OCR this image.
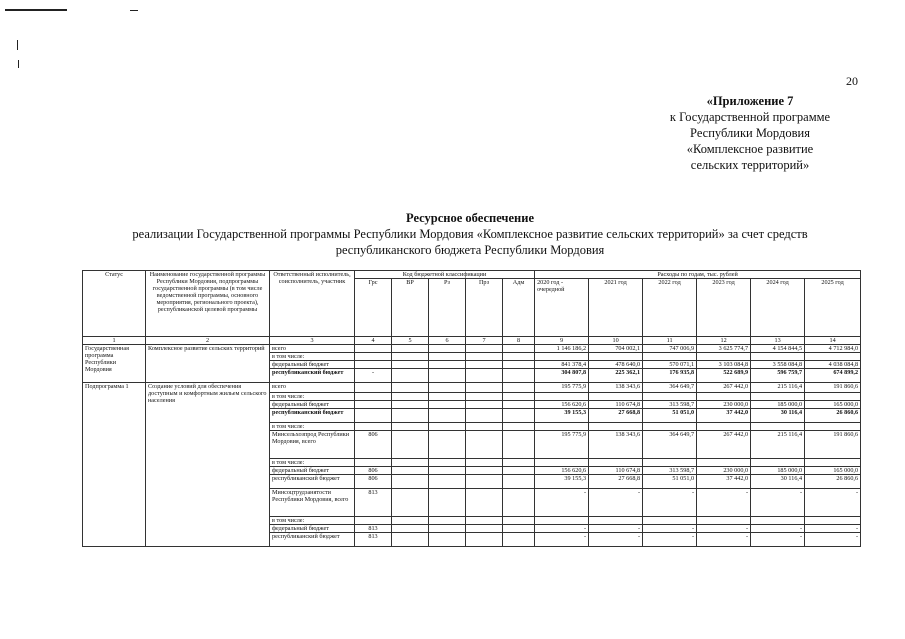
20
«Приложение 7
к Государственной программе
Республики Мордовия
«Комплексное развитие
сельских территорий»
Ресурсное обеспечение
реализации Государственной программы Республики Мордовия «Комплексное развитие сельских территорий» за счет средств
республиканского бюджета Республики Мордовия
Статус	Наименование государственной программы Республики Мордовия, подпрограммы государственной программы (в том числе ведомственной программы, основного мероприятия, регионального проекта), республиканской целевой программы	Ответственный исполнитель, соисполнитель, участник	Код бюджетной классификации					Расходы по годам, тыс. рублей					
			Грс	ВР	Рз	Прз	Адм	2020 год - очередной	2021 год	2022 год	2023 год	2024 год	2025 год
1	2	3	4	5	6	7	8	9	10	11	12	13	14
Государственная программа Республики Мордовия	Комплексное развитие сельских территорий	всего						1 146 186,2	704 002,1	747 006,9	3 625 774,7	4 154 844,5	4 712 984,0
		в том числе:											
		федеральный бюджет						841 378,4	478 640,0	570 071,1	3 103 084,8	3 558 084,8	4 038 084,8
		республиканский бюджет	-					304 807,8	225 362,1	176 935,8	522 689,9	596 759,7	674 899,2
Подпрограмма 1	Создание условий для обеспечения доступным и комфортным жильем сельского населения	всего						195 775,9	138 343,6	364 649,7	267 442,0	215 116,4	191 860,6
		в том числе:											
		федеральный бюджет						156 620,6	110 674,8	313 598,7	230 000,0	185 000,0	165 000,0
		республиканский бюджет						39 155,3	27 668,8	51 051,0	37 442,0	30 116,4	26 860,6
		в том числе:											
		Минсельхозпрод Республики Мордовия, всего	806					195 775,9	138 343,6	364 649,7	267 442,0	215 116,4	191 860,6
		в том числе:											
		федеральный бюджет	806					156 620,6	110 674,8	313 598,7	230 000,0	185 000,0	165 000,0
		республиканский бюджет	806					39 155,3	27 668,8	51 051,0	37 442,0	30 116,4	26 860,6
		Минсоцтрудзанятости Республики Мордовия, всего	813					-	-	-	-	-	-
		в том числе:											
		федеральный бюджет	813					-	-	-	-	-	-
		республиканский бюджет	813					-	-	-	-	-	-
